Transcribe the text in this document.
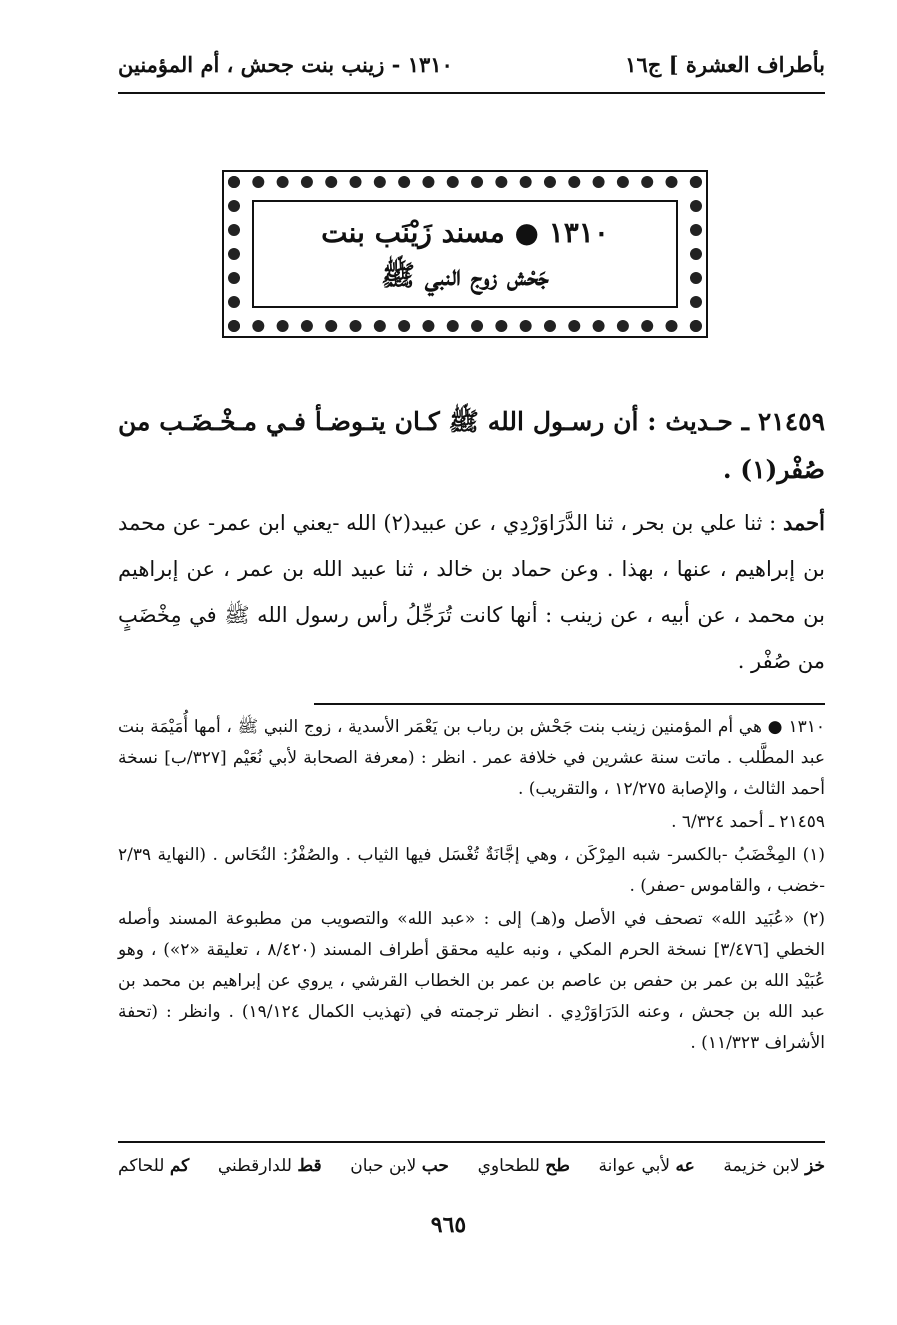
بأطراف العشرة ] ج١٦
١٣١٠ - زينب بنت جحش ، أم المؤمنين
١٣١٠ ● مسند زَيْنَب بنت
جَحْش زوج النبي ﷺ

٢١٤٥٩ ـ حـديث : أن رسـول الله ﷺ كـان يتـوضـأ فـي مـخْـضَـب من صُفْر(١) .

أحمد : ثنا علي بن بحر ، ثنا الدَّرَاوَرْدِي ، عن عبيد(٢) الله -يعني ابن عمر- عن محمد بن إبراهيم ، عنها ، بهذا . وعن حماد بن خالد ، ثنا عبيد الله بن عمر ، عن إبراهيم بن محمد ، عن أبيه ، عن زينب : أنها كانت تُرَجِّلُ رأس رسول الله ﷺ في مِخْضَبٍ من صُفْر .

١٣١٠ ● هي أم المؤمنين زينب بنت جَحْش بن رباب بن يَعْمَر الأسدية ، زوج النبي ﷺ ، أمها أُمَيْمَة بنت عبد المطَّلب . ماتت سنة عشرين في خلافة عمر . انظر : (معرفة الصحابة لأبي نُعَيْم [٣٢٧/ب] نسخة أحمد الثالث ، والإصابة ١٢/٢٧٥ ، والتقريب) .

٢١٤٥٩ ـ أحمد ٦/٣٢٤ .

(١) المِخْضَبُ -بالكسر- شبه المِرْكَن ، وهي إجَّانَةٌ تُغْسَل فيها الثياب . والصُفْرُ: النُحَاس . (النهاية ٢/٣٩ -خضب ، والقاموس -صفر) .

(٢) «عُبَيد الله» تصحف في الأصل و(هـ) إلى : «عبد الله» والتصويب من مطبوعة المسند وأصله الخطي [٣/٤٧٦] نسخة الحرم المكي ، ونبه عليه محقق أطراف المسند (٨/٤٢٠ ، تعليقة «٢») ، وهو عُبَيْد الله بن عمر بن حفص بن عاصم بن عمر بن الخطاب القرشي ، يروي عن إبراهيم بن محمد بن عبد الله بن جحش ، وعنه الدَرَاوَرْدِي . انظر ترجمته في (تهذيب الكمال ١٩/١٢٤) . وانظر : (تحفة الأشراف ١١/٣٢٣) .

خز لابن خزيمة
عه لأبي عوانة
طح للطحاوي
حب لابن حبان
قط للدارقطني
كم للحاكم
٩٦٥
